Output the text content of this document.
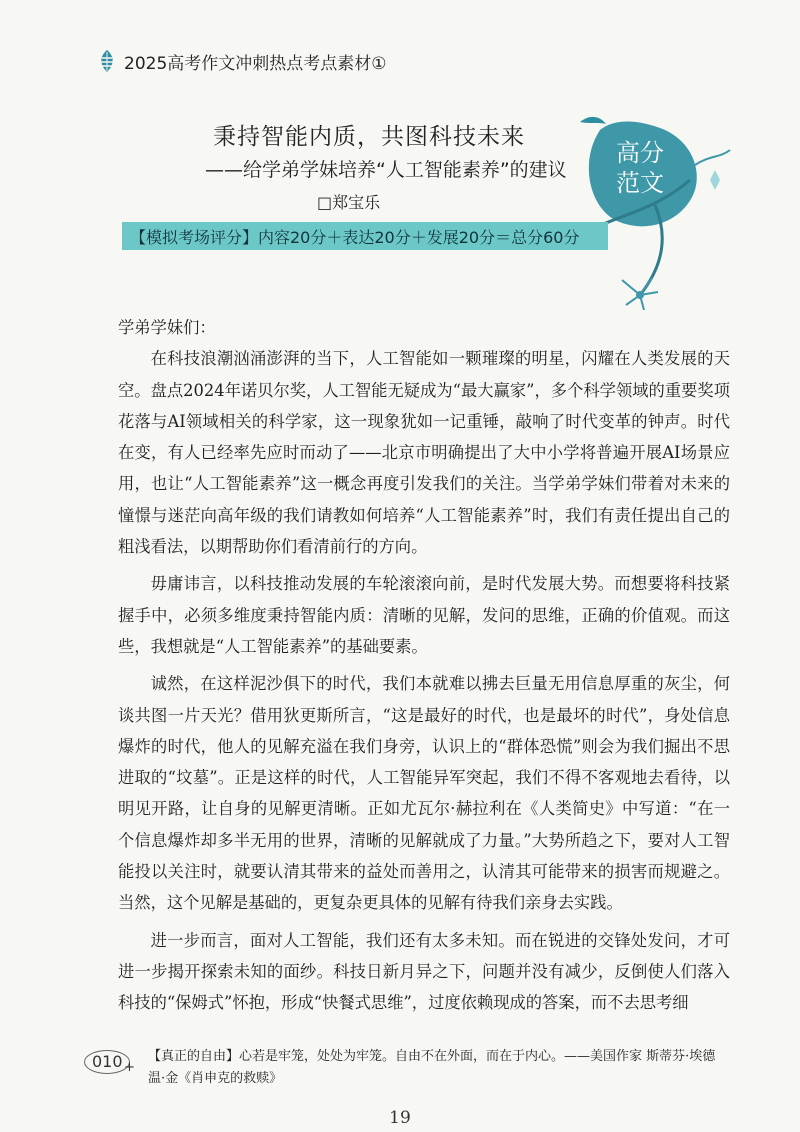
2025高考作文冲刺热点考点素材①
秉持智能内质，共图科技未来
——给学弟学妹培养“人工智能素养”的建议
□郑宝乐
高分
范文
【模拟考场评分】内容20分＋表达20分＋发展20分＝总分60分

学弟学妹们：

在科技浪潮汹涌澎湃的当下，人工智能如一颗璀璨的明星，闪耀在人类发展的天空。盘点2024年诺贝尔奖，人工智能无疑成为“最大赢家”，多个科学领域的重要奖项花落与AI领域相关的科学家，这一现象犹如一记重锤，敲响了时代变革的钟声。时代在变，有人已经率先应时而动了——北京市明确提出了大中小学将普遍开展AI场景应用，也让“人工智能素养”这一概念再度引发我们的关注。当学弟学妹们带着对未来的憧憬与迷茫向高年级的我们请教如何培养“人工智能素养”时，我们有责任提出自己的粗浅看法，以期帮助你们看清前行的方向。

毋庸讳言，以科技推动发展的车轮滚滚向前，是时代发展大势。而想要将科技紧握手中，必须多维度秉持智能内质：清晰的见解，发问的思维，正确的价值观。而这些，我想就是“人工智能素养”的基础要素。

诚然，在这样泥沙俱下的时代，我们本就难以拂去巨量无用信息厚重的灰尘，何谈共图一片天光？借用狄更斯所言，“这是最好的时代，也是最坏的时代”，身处信息爆炸的时代，他人的见解充溢在我们身旁，认识上的“群体恐慌”则会为我们掘出不思进取的“坟墓”。正是这样的时代，人工智能异军突起，我们不得不客观地去看待，以明见开路，让自身的见解更清晰。正如尤瓦尔·赫拉利在《人类简史》中写道：“在一个信息爆炸却多半无用的世界，清晰的见解就成了力量。”大势所趋之下，要对人工智能投以关注时，就要认清其带来的益处而善用之，认清其可能带来的损害而规避之。当然，这个见解是基础的，更复杂更具体的见解有待我们亲身去实践。

进一步而言，面对人工智能，我们还有太多未知。而在锐进的交锋处发问，才可进一步揭开探索未知的面纱。科技日新月异之下，问题并没有减少，反倒使人们落入科技的“保姆式”怀抱，形成“快餐式思维”，过度依赖现成的答案，而不去思考细

010 +
【真正的自由】心若是牢笼，处处为牢笼。自由不在外面，而在于内心。——美国作家 斯蒂芬·埃德温·金《肖申克的救赎》
19
